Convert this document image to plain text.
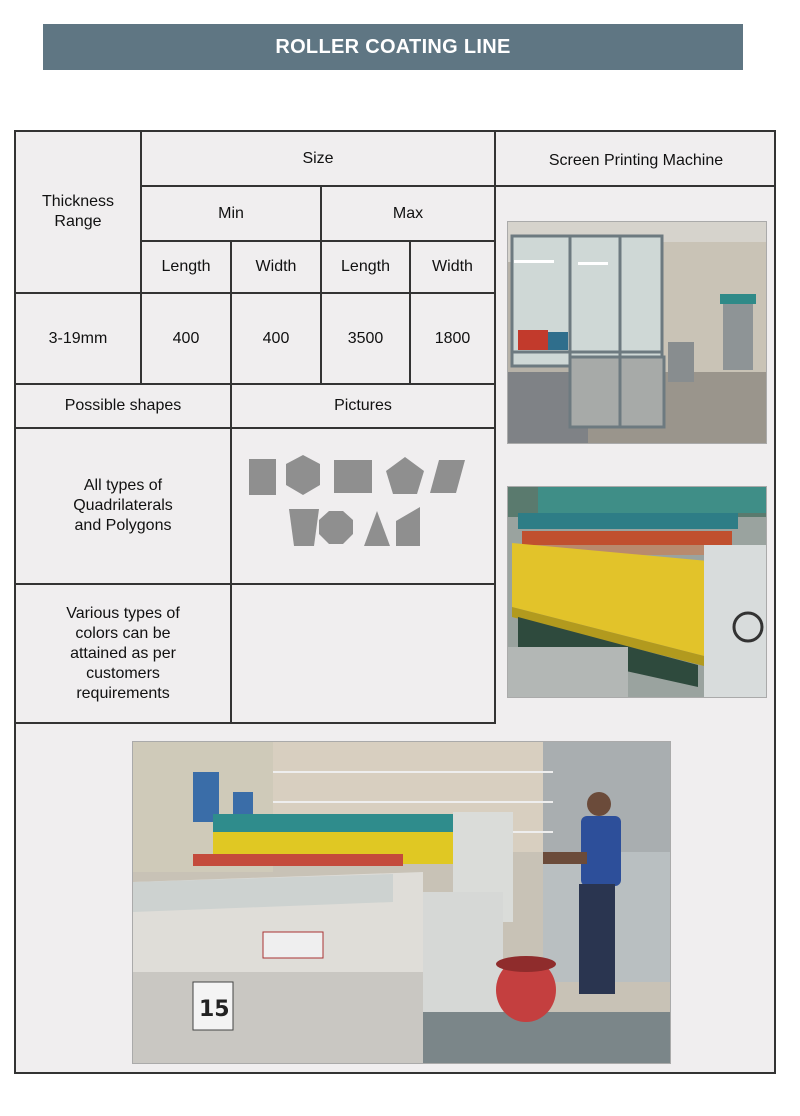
ROLLER COATING LINE
Thickness Range
Size	Screen Printing Machine
Min	Max
Length	Width	Length	Width
3-19mm	400	400	3500	1800
Possible shapes	Pictures
All types of Quadrilaterals and Polygons
Various types of colors can be attained as per customers requirements
15
